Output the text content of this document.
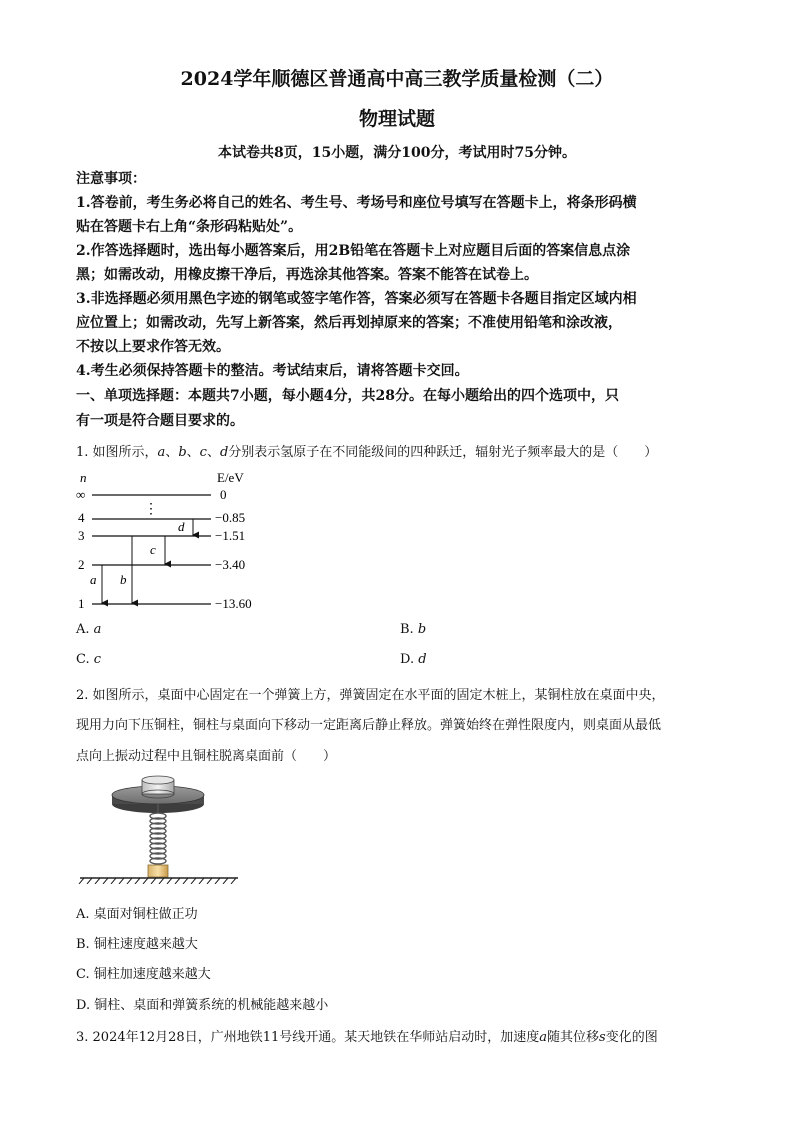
2024学年顺德区普通高中高三教学质量检测（二）
物理试题
本试卷共8页，15小题，满分100分，考试用时75分钟。
注意事项：
1.答卷前，考生务必将自己的姓名、考生号、考场号和座位号填写在答题卡上，将条形码横
贴在答题卡右上角“条形码粘贴处”。
2.作答选择题时，选出每小题答案后，用2B铅笔在答题卡上对应题目后面的答案信息点涂
黑；如需改动，用橡皮擦干净后，再选涂其他答案。答案不能答在试卷上。
3.非选择题必须用黑色字迹的钢笔或签字笔作答，答案必须写在答题卡各题目指定区域内相
应位置上；如需改动，先写上新答案，然后再划掉原来的答案；不准使用铅笔和涂改液，
不按以上要求作答无效。
4.考生必须保持答题卡的整洁。考试结束后，请将答题卡交回。
一、单项选择题：本题共7小题，每小题4分，共28分。在每小题给出的四个选项中，只
有一项是符合题目要求的。
1. 如图所示，a、b、c、d分别表示氢原子在不同能级间的四种跃迁，辐射光子频率最大的是（　　）
n	E/eV
∞	0
4	−0.85
3	−1.51
2	−3.40
1	−13.60
⋮
a b
c
d
A. a	B. b
C. c	D. d
2. 如图所示，桌面中心固定在一个弹簧上方，弹簧固定在水平面的固定木桩上，某铜柱放在桌面中央，
现用力向下压铜柱，铜柱与桌面向下移动一定距离后静止释放。弹簧始终在弹性限度内，则桌面从最低
点向上振动过程中且铜柱脱离桌面前（　　）
A. 桌面对铜柱做正功
B. 铜柱速度越来越大
C. 铜柱加速度越来越大
D. 铜柱、桌面和弹簧系统的机械能越来越小
3. 2024年12月28日，广州地铁11号线开通。某天地铁在华师站启动时，加速度a随其位移s变化的图
